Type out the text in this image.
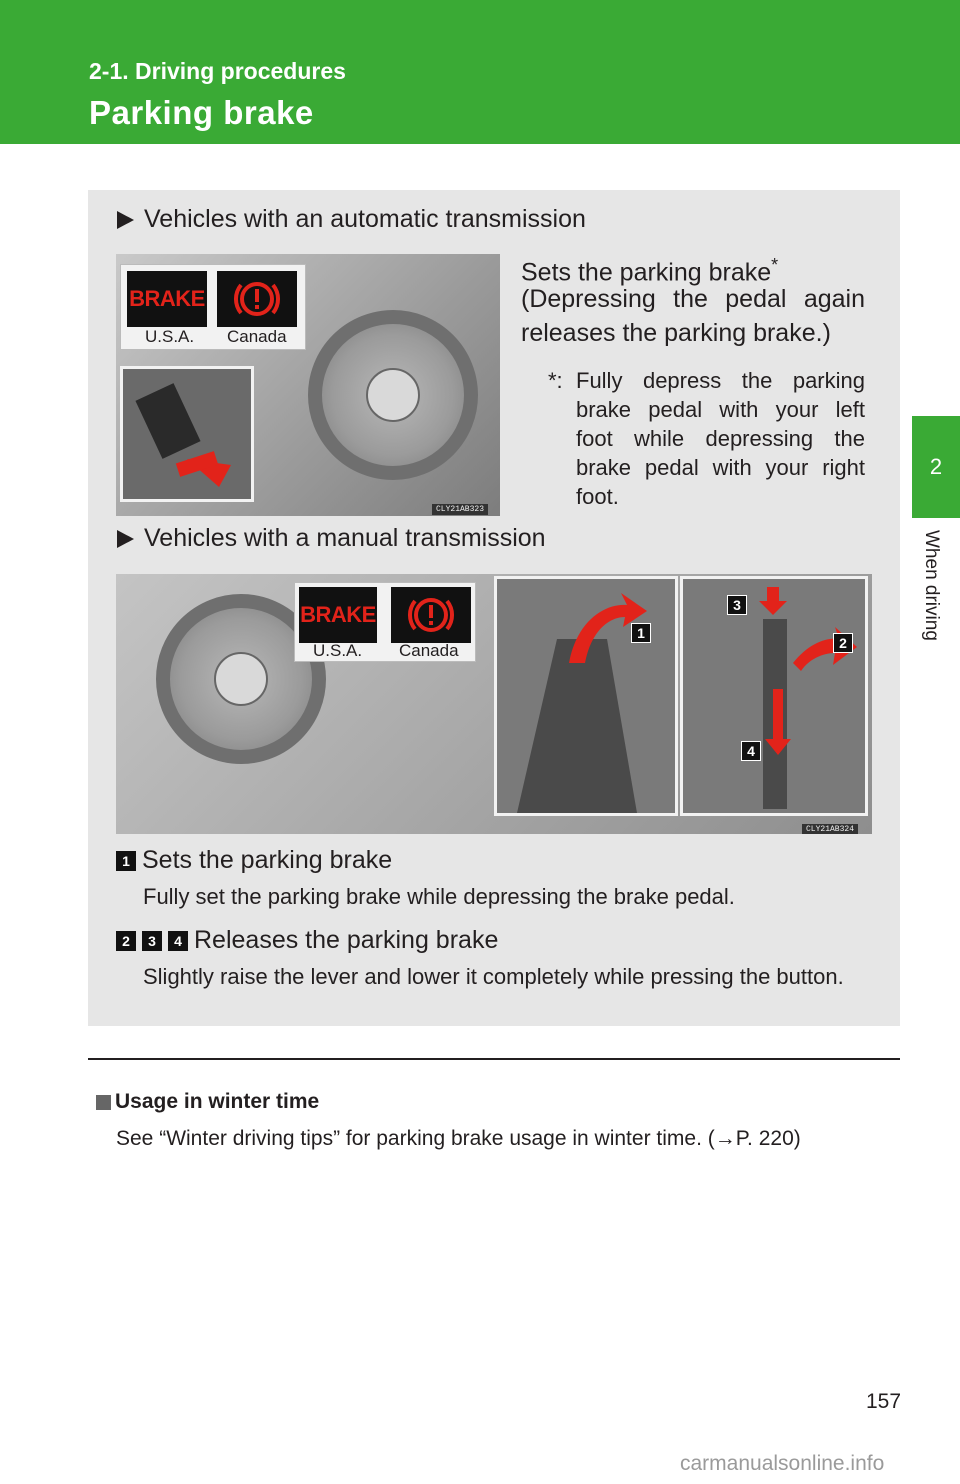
2-1. Driving procedures
Parking brake
2
When driving
Vehicles with an automatic transmission
BRAKE
U.S.A. Canada
CLY21AB323
Sets the parking brake*
(Depressing the pedal again
releases the parking brake.)
*: Fully depress the parking
brake pedal with your left
foot while depressing the
brake pedal with your right
foot.
Vehicles with a manual transmission
BRAKE
U.S.A. Canada
1
3
2
4
CLY21AB324
1 Sets the parking brake
Fully set the parking brake while depressing the brake pedal.
2 3 4 Releases the parking brake
Slightly raise the lever and lower it completely while pressing the button.
Usage in winter time
See “Winter driving tips” for parking brake usage in winter time. (→P. 220)
157
carmanualsonline.info
